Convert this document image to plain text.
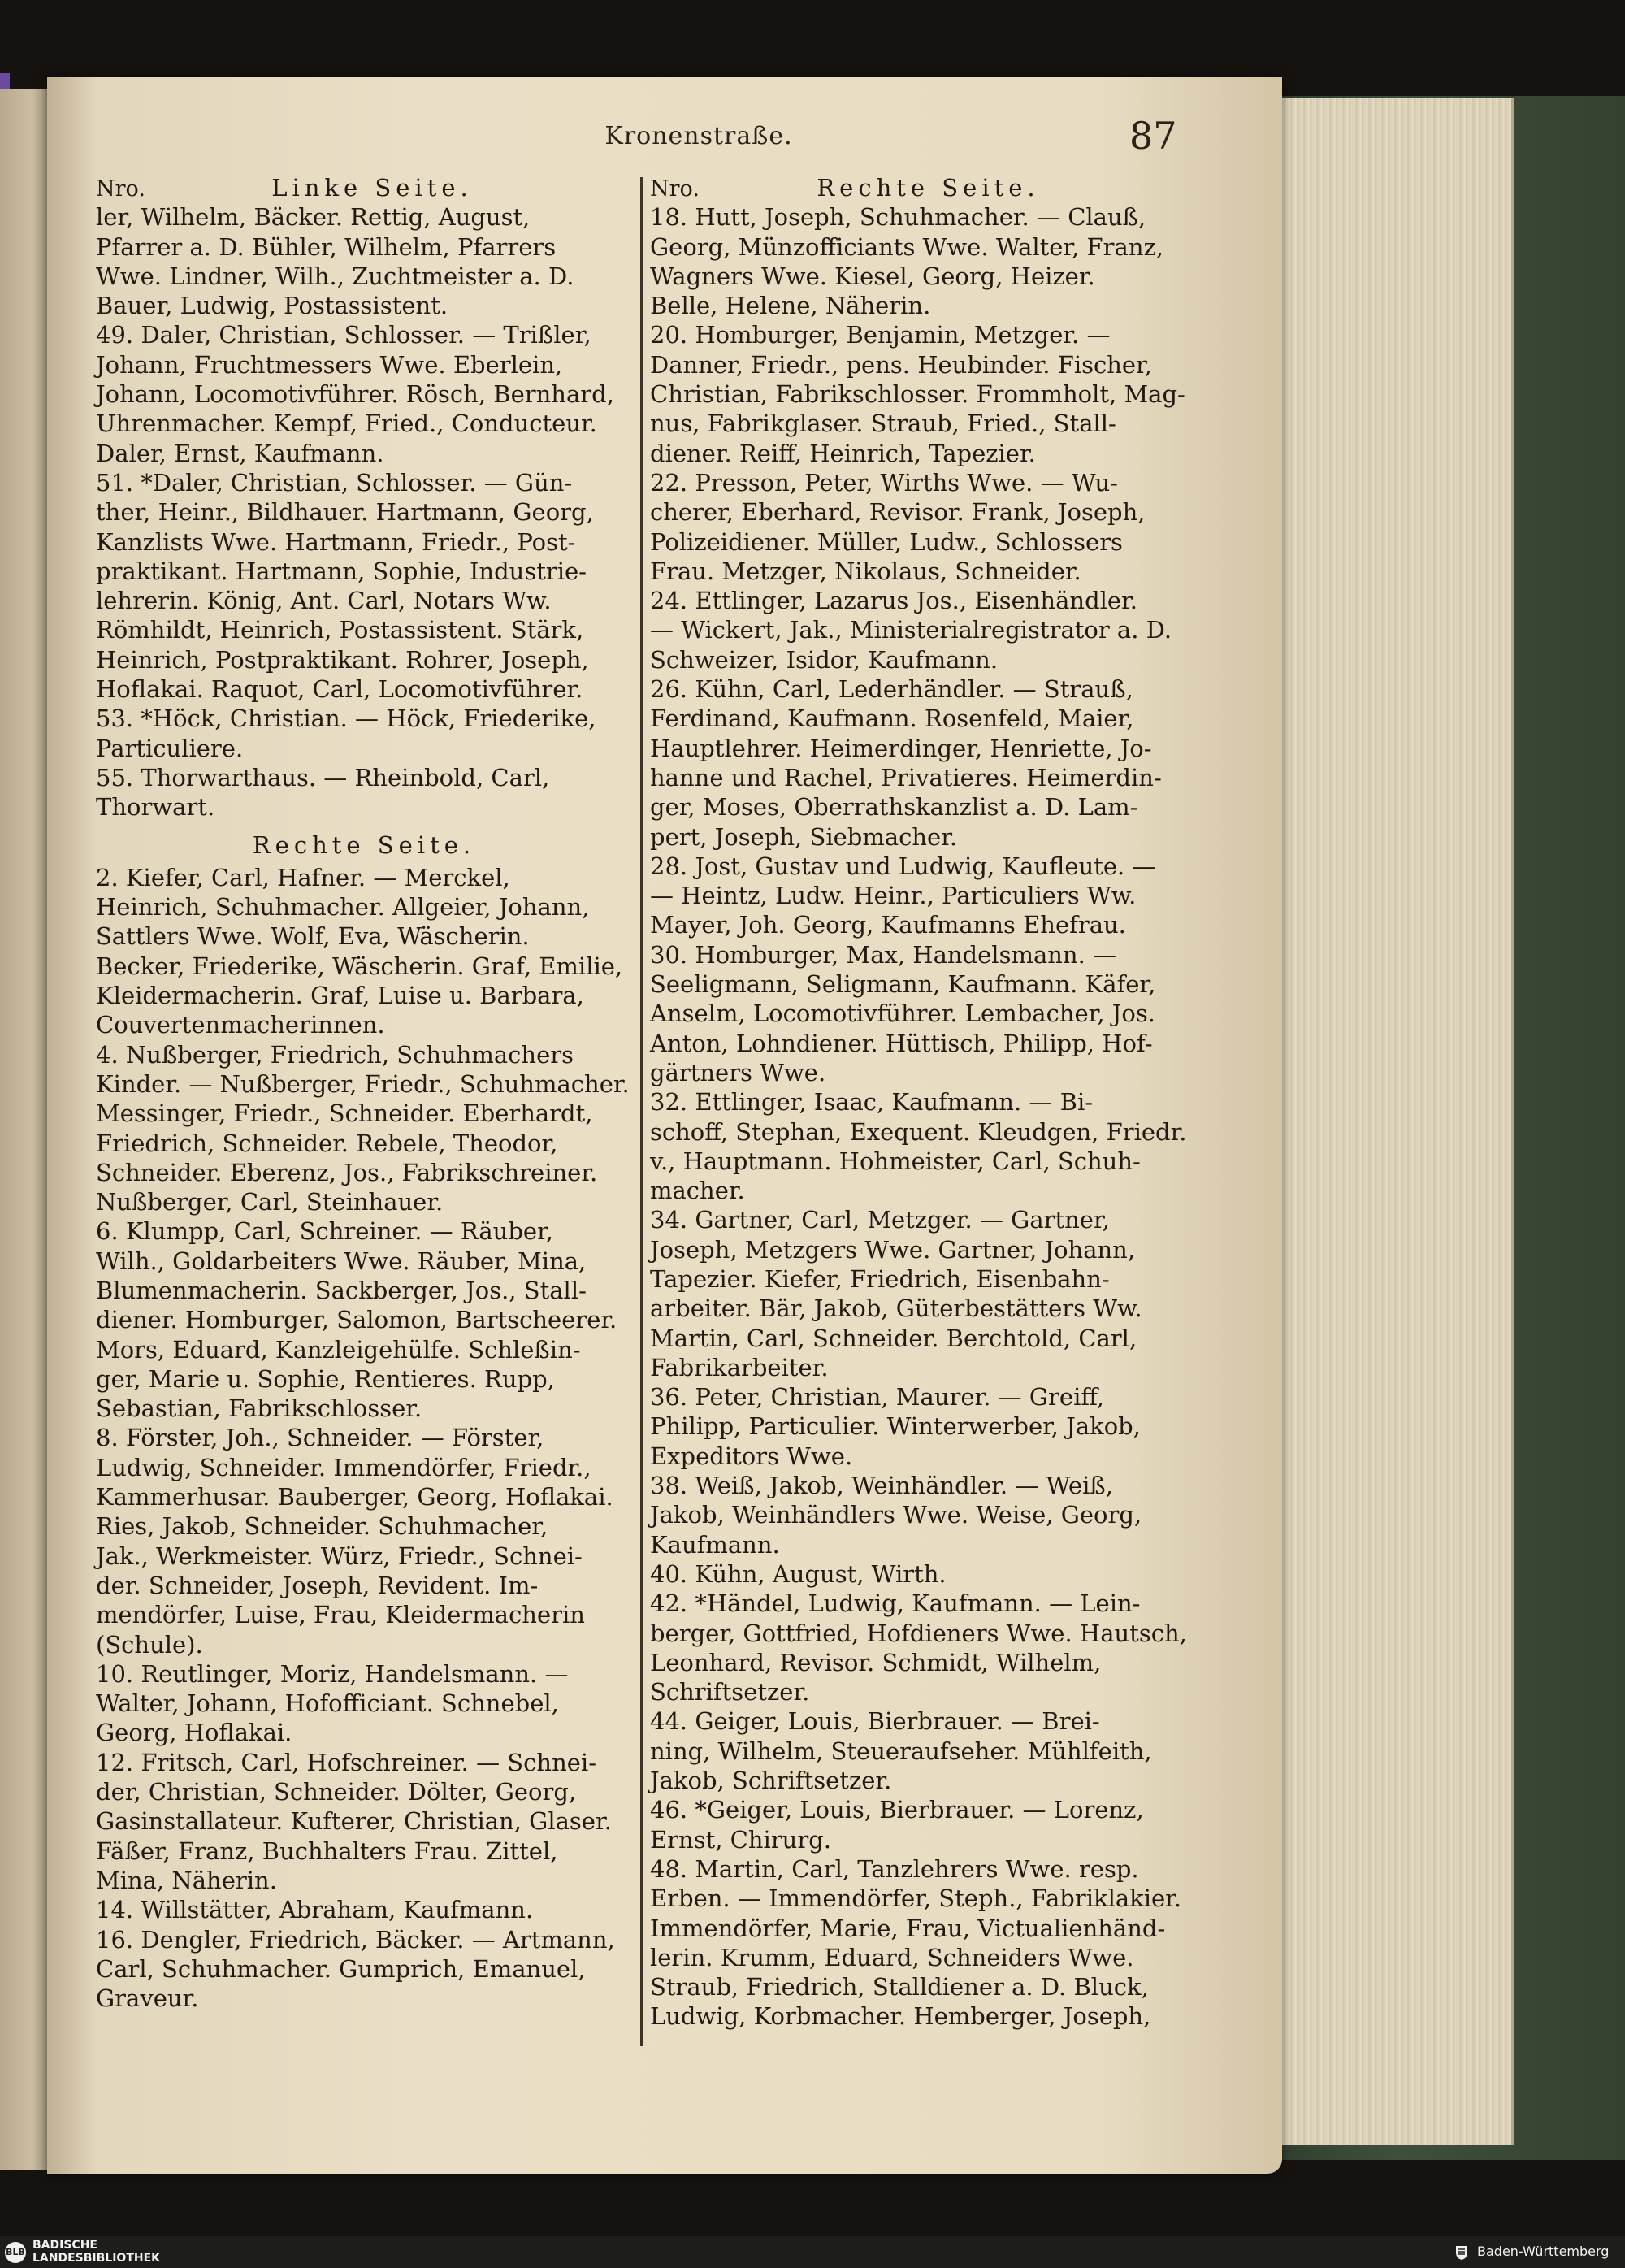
Kronenstraße.	87
Nro.	Linke Seite.
ler, Wilhelm, Bäcker. Rettig, August,
Pfarrer a. D. Bühler, Wilhelm, Pfarrers
Wwe. Lindner, Wilh., Zuchtmeister a. D.
Bauer, Ludwig, Postassistent.
49. Daler, Christian, Schlosser. — Trißler,
Johann, Fruchtmessers Wwe. Eberlein,
Johann, Locomotivführer. Rösch, Bernhard,
Uhrenmacher. Kempf, Fried., Conducteur.
Daler, Ernst, Kaufmann.
51. *Daler, Christian, Schlosser. — Gün-
ther, Heinr., Bildhauer. Hartmann, Georg,
Kanzlists Wwe. Hartmann, Friedr., Post-
praktikant. Hartmann, Sophie, Industrie-
lehrerin. König, Ant. Carl, Notars Ww.
Römhildt, Heinrich, Postassistent. Stärk,
Heinrich, Postpraktikant. Rohrer, Joseph,
Hoflakai. Raquot, Carl, Locomotivführer.
53. *Höck, Christian. — Höck, Friederike,
Particuliere.
55. Thorwarthaus. — Rheinbold, Carl,
Thorwart.
Rechte Seite.
2. Kiefer, Carl, Hafner. — Merckel,
Heinrich, Schuhmacher. Allgeier, Johann,
Sattlers Wwe. Wolf, Eva, Wäscherin.
Becker, Friederike, Wäscherin. Graf, Emilie,
Kleidermacherin. Graf, Luise u. Barbara,
Couvertenmacherinnen.
4. Nußberger, Friedrich, Schuhmachers
Kinder. — Nußberger, Friedr., Schuhmacher.
Messinger, Friedr., Schneider. Eberhardt,
Friedrich, Schneider. Rebele, Theodor,
Schneider. Eberenz, Jos., Fabrikschreiner.
Nußberger, Carl, Steinhauer.
6. Klumpp, Carl, Schreiner. — Räuber,
Wilh., Goldarbeiters Wwe. Räuber, Mina,
Blumenmacherin. Sackberger, Jos., Stall-
diener. Homburger, Salomon, Bartscheerer.
Mors, Eduard, Kanzleigehülfe. Schleßin-
ger, Marie u. Sophie, Rentieres. Rupp,
Sebastian, Fabrikschlosser.
8. Förster, Joh., Schneider. — Förster,
Ludwig, Schneider. Immendörfer, Friedr.,
Kammerhusar. Bauberger, Georg, Hoflakai.
Ries, Jakob, Schneider. Schuhmacher,
Jak., Werkmeister. Würz, Friedr., Schnei-
der. Schneider, Joseph, Revident. Im-
mendörfer, Luise, Frau, Kleidermacherin
(Schule).
10. Reutlinger, Moriz, Handelsmann. —
Walter, Johann, Hofofficiant. Schnebel,
Georg, Hoflakai.
12. Fritsch, Carl, Hofschreiner. — Schnei-
der, Christian, Schneider. Dölter, Georg,
Gasinstallateur. Kufterer, Christian, Glaser.
Fäßer, Franz, Buchhalters Frau. Zittel,
Mina, Näherin.
14. Willstätter, Abraham, Kaufmann.
16. Dengler, Friedrich, Bäcker. — Artmann,
Carl, Schuhmacher. Gumprich, Emanuel,
Graveur.
Nro.	Rechte Seite.
18. Hutt, Joseph, Schuhmacher. — Clauß,
Georg, Münzofficiants Wwe. Walter, Franz,
Wagners Wwe. Kiesel, Georg, Heizer.
Belle, Helene, Näherin.
20. Homburger, Benjamin, Metzger. —
Danner, Friedr., pens. Heubinder. Fischer,
Christian, Fabrikschlosser. Frommholt, Mag-
nus, Fabrikglaser. Straub, Fried., Stall-
diener. Reiff, Heinrich, Tapezier.
22. Presson, Peter, Wirths Wwe. — Wu-
cherer, Eberhard, Revisor. Frank, Joseph,
Polizeidiener. Müller, Ludw., Schlossers
Frau. Metzger, Nikolaus, Schneider.
24. Ettlinger, Lazarus Jos., Eisenhändler.
— Wickert, Jak., Ministerialregistrator a. D.
Schweizer, Isidor, Kaufmann.
26. Kühn, Carl, Lederhändler. — Strauß,
Ferdinand, Kaufmann. Rosenfeld, Maier,
Hauptlehrer. Heimerdinger, Henriette, Jo-
hanne und Rachel, Privatieres. Heimerdin-
ger, Moses, Oberrathskanzlist a. D. Lam-
pert, Joseph, Siebmacher.
28. Jost, Gustav und Ludwig, Kaufleute. —
— Heintz, Ludw. Heinr., Particuliers Ww.
Mayer, Joh. Georg, Kaufmanns Ehefrau.
30. Homburger, Max, Handelsmann. —
Seeligmann, Seligmann, Kaufmann. Käfer,
Anselm, Locomotivführer. Lembacher, Jos.
Anton, Lohndiener. Hüttisch, Philipp, Hof-
gärtners Wwe.
32. Ettlinger, Isaac, Kaufmann. — Bi-
schoff, Stephan, Exequent. Kleudgen, Friedr.
v., Hauptmann. Hohmeister, Carl, Schuh-
macher.
34. Gartner, Carl, Metzger. — Gartner,
Joseph, Metzgers Wwe. Gartner, Johann,
Tapezier. Kiefer, Friedrich, Eisenbahn-
arbeiter. Bär, Jakob, Güterbestätters Ww.
Martin, Carl, Schneider. Berchtold, Carl,
Fabrikarbeiter.
36. Peter, Christian, Maurer. — Greiff,
Philipp, Particulier. Winterwerber, Jakob,
Expeditors Wwe.
38. Weiß, Jakob, Weinhändler. — Weiß,
Jakob, Weinhändlers Wwe. Weise, Georg,
Kaufmann.
40. Kühn, August, Wirth.
42. *Händel, Ludwig, Kaufmann. — Lein-
berger, Gottfried, Hofdieners Wwe. Hautsch,
Leonhard, Revisor. Schmidt, Wilhelm,
Schriftsetzer.
44. Geiger, Louis, Bierbrauer. — Brei-
ning, Wilhelm, Steueraufseher. Mühlfeith,
Jakob, Schriftsetzer.
46. *Geiger, Louis, Bierbrauer. — Lorenz,
Ernst, Chirurg.
48. Martin, Carl, Tanzlehrers Wwe. resp.
Erben. — Immendörfer, Steph., Fabriklakier.
Immendörfer, Marie, Frau, Victualienhänd-
lerin. Krumm, Eduard, Schneiders Wwe.
Straub, Friedrich, Stalldiener a. D. Bluck,
Ludwig, Korbmacher. Hemberger, Joseph,
BLB
BADISCHE
LANDESBIBLIOTHEK	Baden-Württemberg
